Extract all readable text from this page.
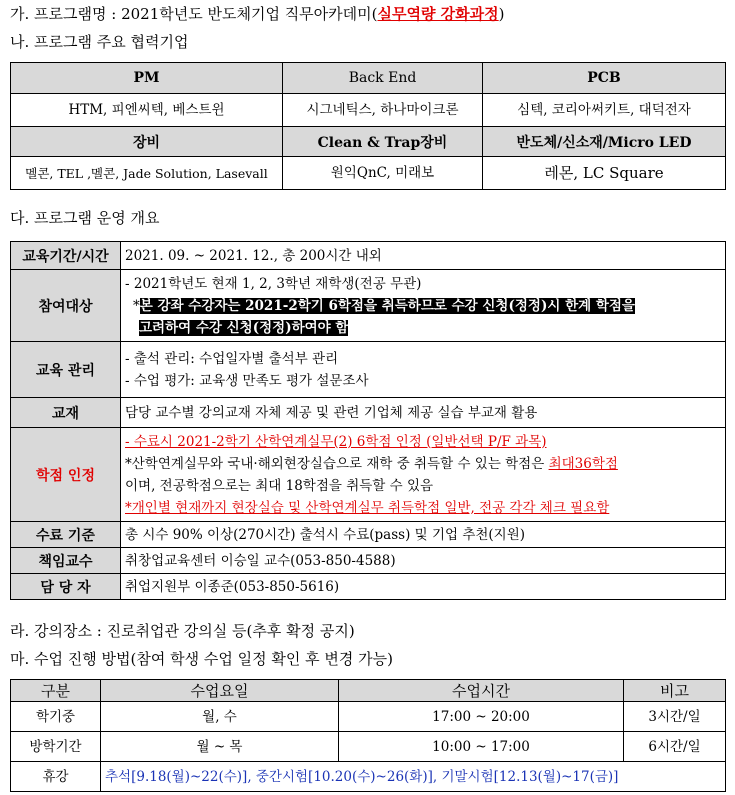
가. 프로그램명 : 2021학년도 반도체기업 직무아카데미(실무역량 강화과정)
나. 프로그램 주요 협력기업
PM	Back End	PCB
HTM, 피엔씨텍, 베스트윈	시그네틱스, 하나마이크론	심텍, 코리아써키트, 대덕전자
장비	Clean & Trap장비	반도체/신소재/Micro LED
멜콘, TEL ,멜콘, Jade Solution, Lasevall	원익QnC, 미래보	레몬, LC Square
다. 프로그램 운영 개요
교육기간/시간	2021. 09. ~ 2021. 12., 총 200시간 내외
참여대상	- 2021학년도 현재 1, 2, 3학년 재학생(전공 무관)
*본 강좌 수강자는 2021-2학기 6학점을 취득하므로 수강 신청(정정)시 한계 학점을
고려하여 수강 신청(정정)하여야 함

교육 관리	- 출석 관리: 수업일자별 출석부 관리
- 수업 평가: 교육생 만족도 평가 설문조사

교재	담당 교수별 강의교재 자체 제공 및 관련 기업체 제공 실습 부교재 활용
학점 인정	- 수료시 2021-2학기 산학연계실무(2) 6학점 인정 (일반선택 P/F 과목)
*산학연계실무와 국내·해외현장실습으로 재학 중 취득할 수 있는 학점은 최대36학점
이며, 전공학점으로는 최대 18학점을 취득할 수 있음
*개인별 현재까지 현장실습 및 산학연계실무 취득학점 일반, 전공 각각 체크 필요함

수료 기준	총 시수 90% 이상(270시간) 출석시 수료(pass) 및 기업 추천(지원)
책임교수	취창업교육센터 이승일 교수(053-850-4588)
담 당 자	취업지원부 이종준(053-850-5616)
라. 강의장소 : 진로취업관 강의실 등(추후 확정 공지)
마. 수업 진행 방법(참여 학생 수업 일정 확인 후 변경 가능)
구분	수업요일	수업시간	비고
학기중	월, 수	17:00 ~ 20:00	3시간/일
방학기간	월 ~ 목	10:00 ~ 17:00	6시간/일
휴강	추석[9.18(월)~22(수)], 중간시험[10.20(수)~26(화)], 기말시험[12.13(월)~17(금)]		
